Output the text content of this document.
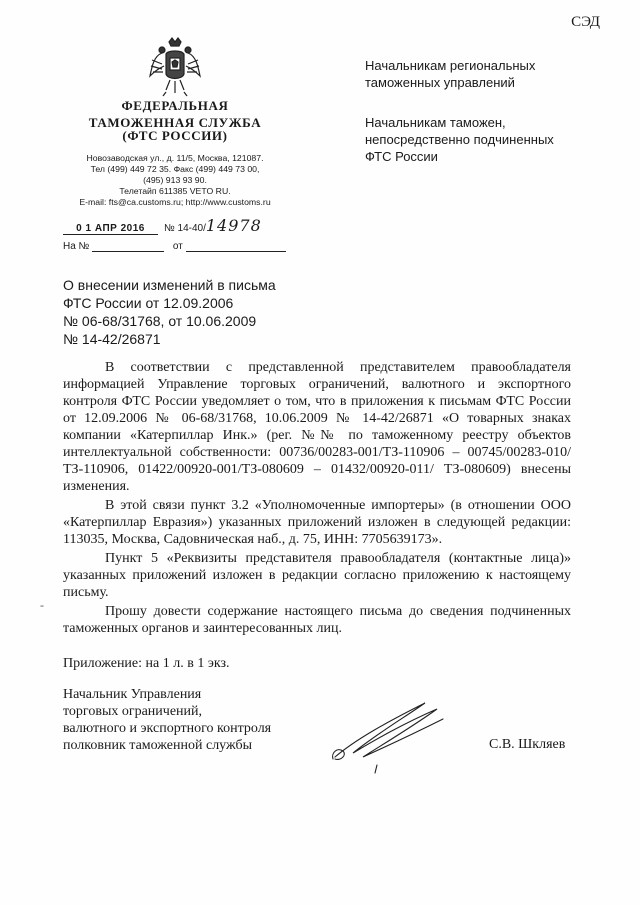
СЭД
ФЕДЕРАЛЬНАЯ
ТАМОЖЕННАЯ СЛУЖБА
(ФТС РОССИИ)
Новозаводская ул., д. 11/5, Москва, 121087.
Тел (499) 449 72 35. Факс (499) 449 73 00,
(495) 913 93 90.
Телетайп 611385 VETO RU.
E-mail: fts@ca.customs.ru; http://www.customs.ru
0 1 АПР 2016 № 14-40/14978
На №	от
Начальникам региональных
таможенных управлений
Начальникам таможен,
непосредственно подчиненных
ФТС России
О внесении изменений в письма
ФТС России от 12.09.2006
№ 06-68/31768, от 10.06.2009
№ 14-42/26871

В соответствии с представленной представителем правообладателя информацией Управление торговых ограничений, валютного и экспортного контроля ФТС России уведомляет о том, что в приложения к письмам ФТС России от 12.09.2006 № 06-68/31768, 10.06.2009 № 14-42/26871 «О товарных знаках компании «Катерпиллар Инк.» (рег. №№ по таможенному реестру объектов интеллектуальной собственности: 00736/00283-001/ТЗ-110906 – 00745/00283-010/ТЗ-110906, 01422/00920-001/ТЗ-080609 – 01432/00920-011/ ТЗ-080609) внесены изменения.

В этой связи пункт 3.2 «Уполномоченные импортеры» (в отношении ООО «Катерпиллар Евразия») указанных приложений изложен в следующей редакции: 113035, Москва, Садовническая наб., д. 75, ИНН: 7705639173».

Пункт 5 «Реквизиты представителя правообладателя (контактные лица)» указанных приложений изложен в редакции согласно приложению к настоящему письму.

Прошу довести содержание настоящего письма до сведения подчиненных таможенных органов и заинтересованных лиц.

-
Приложение: на 1 л. в 1 экз.
Начальник Управления
торговых ограничений,
валютного и экспортного контроля
полковник таможенной службы	С.В. Шкляев
